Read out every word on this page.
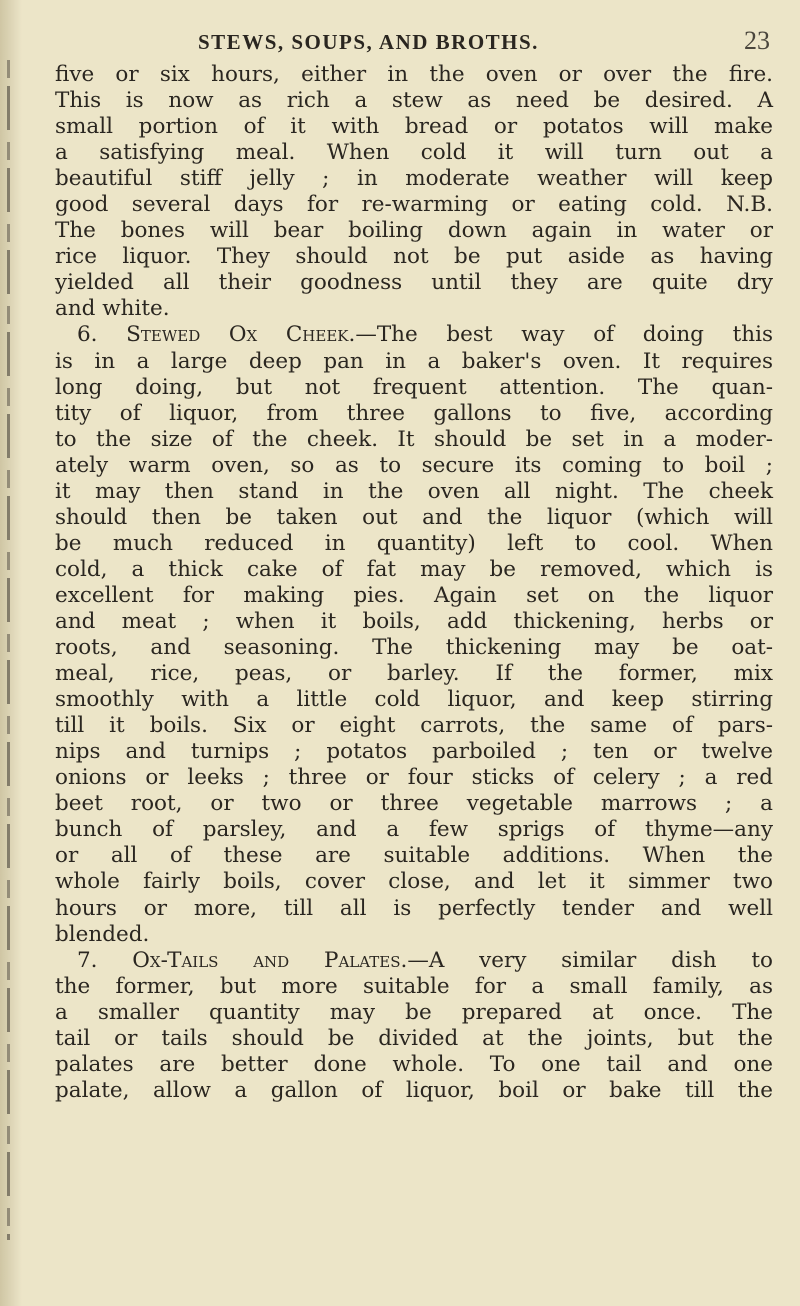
STEWS, SOUPS, AND BROTHS.	23
five or six hours, either in the oven or over the fire.
This is now as rich a stew as need be desired. A
small portion of it with bread or potatos will make
a satisfying meal. When cold it will turn out a
beautiful stiff jelly ; in moderate weather will keep
good several days for re-warming or eating cold. N.B.
The bones will bear boiling down again in water or
rice liquor. They should not be put aside as having
yielded all their goodness until they are quite dry
and white.
6. Stewed Ox Cheek.—The best way of doing this
is in a large deep pan in a baker's oven. It requires
long doing, but not frequent attention. The quan-
tity of liquor, from three gallons to five, according
to the size of the cheek. It should be set in a moder-
ately warm oven, so as to secure its coming to boil ;
it may then stand in the oven all night. The cheek
should then be taken out and the liquor (which will
be much reduced in quantity) left to cool. When
cold, a thick cake of fat may be removed, which is
excellent for making pies. Again set on the liquor
and meat ; when it boils, add thickening, herbs or
roots, and seasoning. The thickening may be oat-
meal, rice, peas, or barley. If the former, mix
smoothly with a little cold liquor, and keep stirring
till it boils. Six or eight carrots, the same of pars-
nips and turnips ; potatos parboiled ; ten or twelve
onions or leeks ; three or four sticks of celery ; a red
beet root, or two or three vegetable marrows ; a
bunch of parsley, and a few sprigs of thyme—any
or all of these are suitable additions. When the
whole fairly boils, cover close, and let it simmer two
hours or more, till all is perfectly tender and well
blended.
7. Ox-Tails and Palates.—A very similar dish to
the former, but more suitable for a small family, as
a smaller quantity may be prepared at once. The
tail or tails should be divided at the joints, but the
palates are better done whole. To one tail and one
palate, allow a gallon of liquor, boil or bake till the
